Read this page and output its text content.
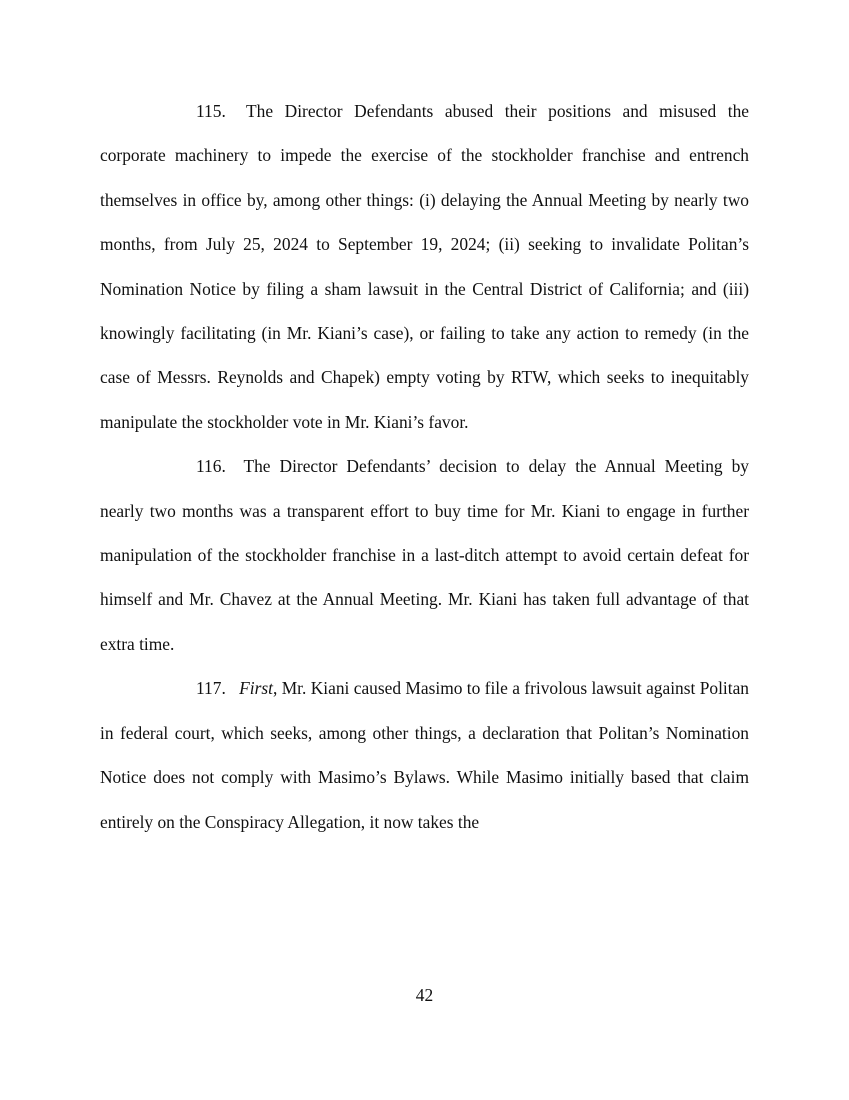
115. The Director Defendants abused their positions and misused the corporate machinery to impede the exercise of the stockholder franchise and entrench themselves in office by, among other things: (i) delaying the Annual Meeting by nearly two months, from July 25, 2024 to September 19, 2024; (ii) seeking to invalidate Politan’s Nomination Notice by filing a sham lawsuit in the Central District of California; and (iii) knowingly facilitating (in Mr. Kiani’s case), or failing to take any action to remedy (in the case of Messrs. Reynolds and Chapek) empty voting by RTW, which seeks to inequitably manipulate the stockholder vote in Mr. Kiani’s favor.

116. The Director Defendants’ decision to delay the Annual Meeting by nearly two months was a transparent effort to buy time for Mr. Kiani to engage in further manipulation of the stockholder franchise in a last-ditch attempt to avoid certain defeat for himself and Mr. Chavez at the Annual Meeting. Mr. Kiani has taken full advantage of that extra time.

117. First, Mr. Kiani caused Masimo to file a frivolous lawsuit against Politan in federal court, which seeks, among other things, a declaration that Politan’s Nomination Notice does not comply with Masimo’s Bylaws. While Masimo initially based that claim entirely on the Conspiracy Allegation, it now takes the

42
